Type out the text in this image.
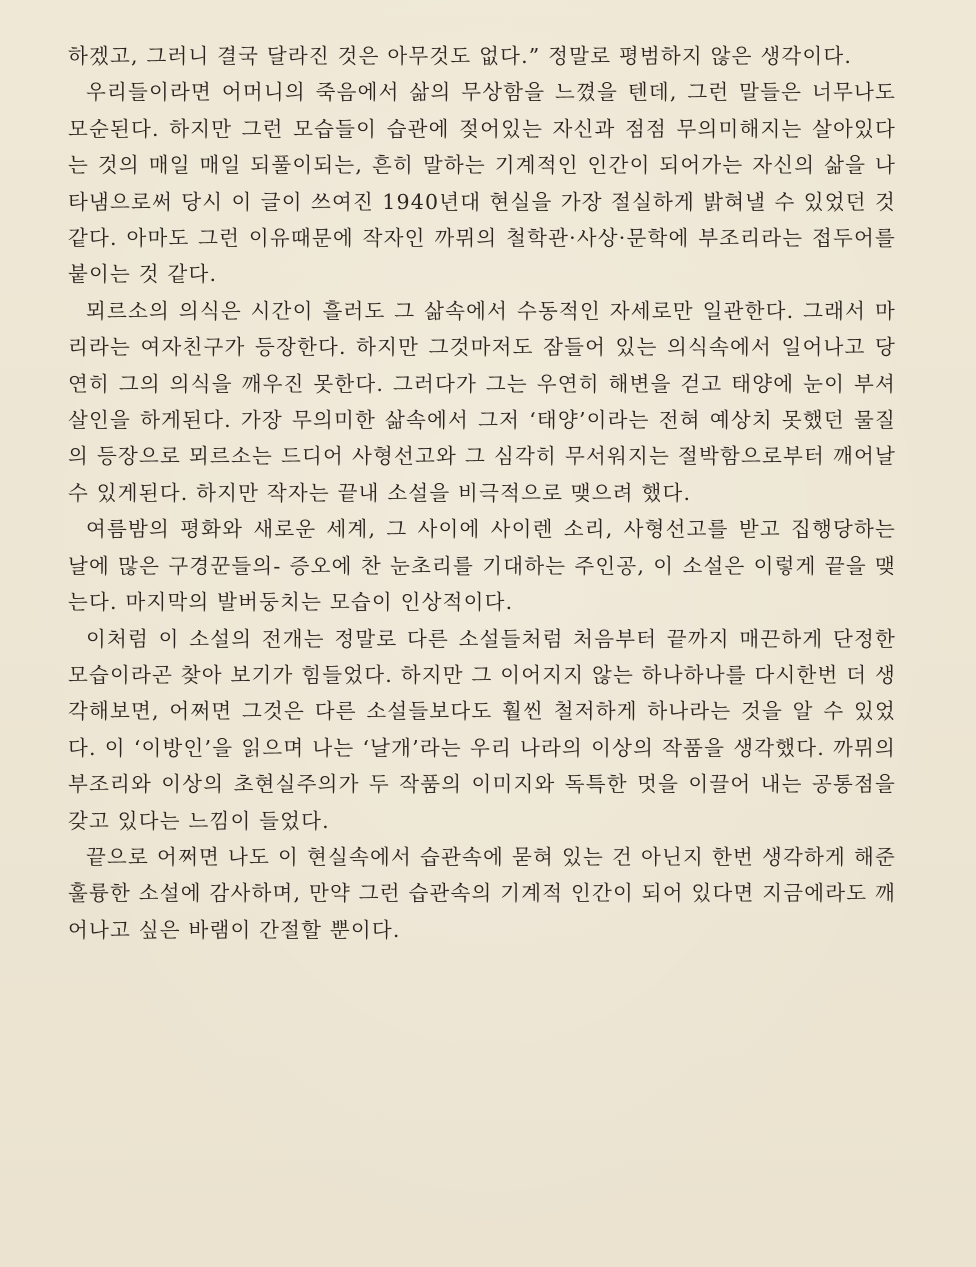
하겠고, 그러니 결국 달라진 것은 아무것도 없다.” 정말로 평범하지 않은 생각이다.

우리들이라면 어머니의 죽음에서 삶의 무상함을 느꼈을 텐데, 그런 말들은 너무나도 모순된다. 하지만 그런 모습들이 습관에 젖어있는 자신과 점점 무의미해지는 살아있다는 것의 매일 매일 되풀이되는, 흔히 말하는 기계적인 인간이 되어가는 자신의 삶을 나타냄으로써 당시 이 글이 쓰여진 1940년대 현실을 가장 절실하게 밝혀낼 수 있었던 것 같다. 아마도 그런 이유때문에 작자인 까뮈의 철학관·사상·문학에 부조리라는 접두어를 붙이는 것 같다.

뫼르소의 의식은 시간이 흘러도 그 삶속에서 수동적인 자세로만 일관한다. 그래서 마리라는 여자친구가 등장한다. 하지만 그것마저도 잠들어 있는 의식속에서 일어나고 당연히 그의 의식을 깨우진 못한다. 그러다가 그는 우연히 해변을 걷고 태양에 눈이 부셔 살인을 하게된다. 가장 무의미한 삶속에서 그저 ‘태양’이라는 전혀 예상치 못했던 물질의 등장으로 뫼르소는 드디어 사형선고와 그 심각히 무서워지는 절박함으로부터 깨어날 수 있게된다. 하지만 작자는 끝내 소설을 비극적으로 맺으려 했다.

여름밤의 평화와 새로운 세계, 그 사이에 사이렌 소리, 사형선고를 받고 집행당하는 날에 많은 구경꾼들의- 증오에 찬 눈초리를 기대하는 주인공, 이 소설은 이렇게 끝을 맺는다. 마지막의 발버둥치는 모습이 인상적이다.

이처럼 이 소설의 전개는 정말로 다른 소설들처럼 처음부터 끝까지 매끈하게 단정한 모습이라곤 찾아 보기가 힘들었다. 하지만 그 이어지지 않는 하나하나를 다시한번 더 생각해보면, 어쩌면 그것은 다른 소설들보다도 훨씬 철저하게 하나라는 것을 알 수 있었다. 이 ‘이방인’을 읽으며 나는 ‘날개’라는 우리 나라의 이상의 작품을 생각했다. 까뮈의 부조리와 이상의 초현실주의가 두 작품의 이미지와 독특한 멋을 이끌어 내는 공통점을 갖고 있다는 느낌이 들었다.

끝으로 어쩌면 나도 이 현실속에서 습관속에 묻혀 있는 건 아닌지 한번 생각하게 해준 훌륭한 소설에 감사하며, 만약 그런 습관속의 기계적 인간이 되어 있다면 지금에라도 깨어나고 싶은 바램이 간절할 뿐이다.
